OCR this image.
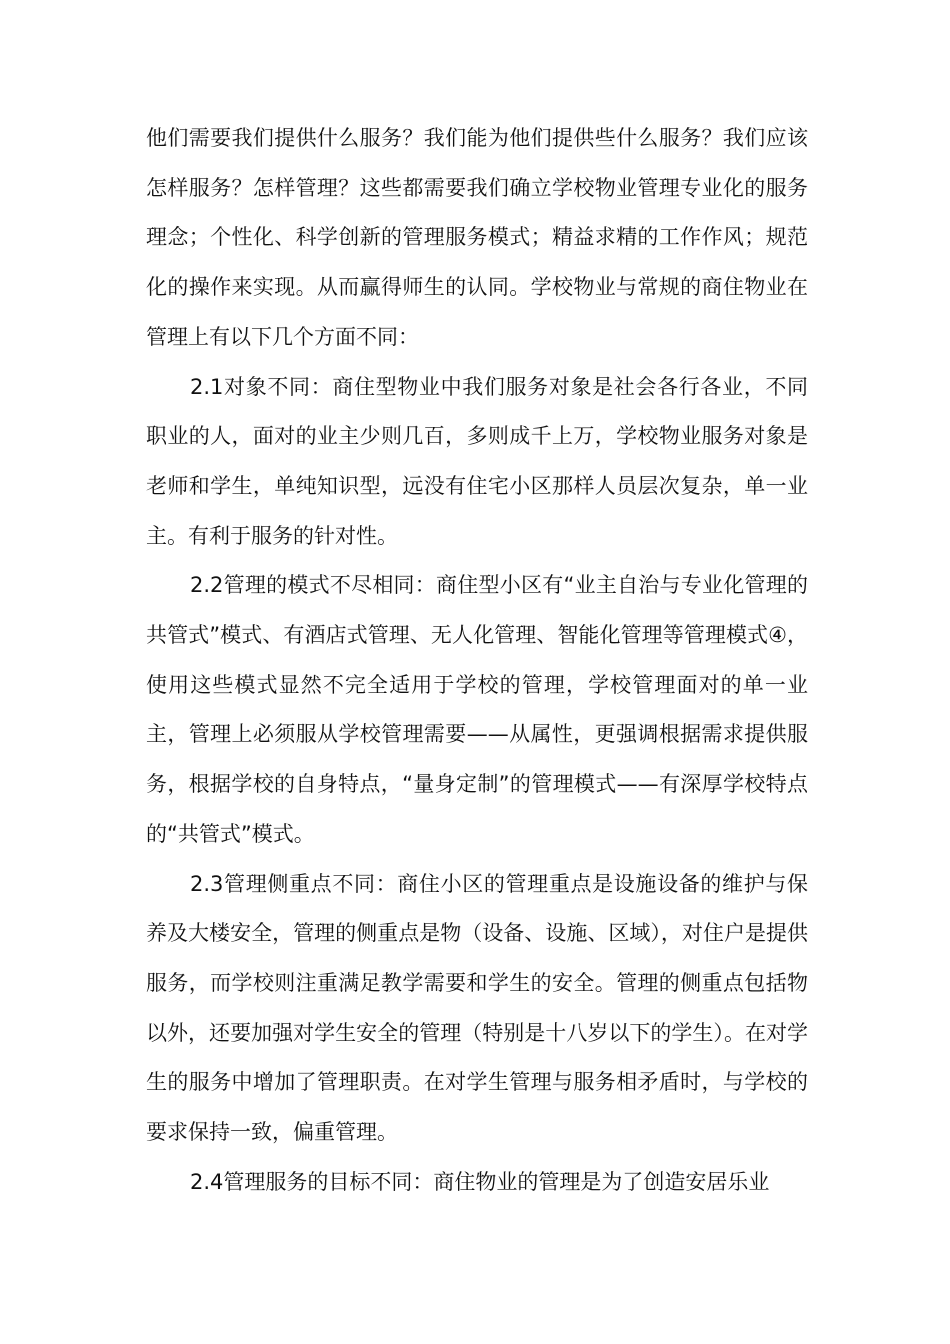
他们需要我们提供什么服务？我们能为他们提供些什么服务？我们应该怎样服务？怎样管理？这些都需要我们确立学校物业管理专业化的服务理念；个性化、科学创新的管理服务模式；精益求精的工作作风；规范化的操作来实现。从而赢得师生的认同。学校物业与常规的商住物业在管理上有以下几个方面不同：

2.1对象不同：商住型物业中我们服务对象是社会各行各业，不同职业的人，面对的业主少则几百，多则成千上万，学校物业服务对象是老师和学生，单纯知识型，远没有住宅小区那样人员层次复杂，单一业主。有利于服务的针对性。

2.2管理的模式不尽相同：商住型小区有“业主自治与专业化管理的共管式”模式、有酒店式管理、无人化管理、智能化管理等管理模式④，使用这些模式显然不完全适用于学校的管理，学校管理面对的单一业主，管理上必须服从学校管理需要——从属性，更强调根据需求提供服务，根据学校的自身特点，“量身定制”的管理模式——有深厚学校特点的“共管式”模式。

2.3管理侧重点不同：商住小区的管理重点是设施设备的维护与保养及大楼安全，管理的侧重点是物（设备、设施、区域），对住户是提供服务，而学校则注重满足教学需要和学生的安全。管理的侧重点包括物以外，还要加强对学生安全的管理（特别是十八岁以下的学生）。在对学生的服务中增加了管理职责。在对学生管理与服务相矛盾时，与学校的要求保持一致，偏重管理。

2.4管理服务的目标不同：商住物业的管理是为了创造安居乐业
